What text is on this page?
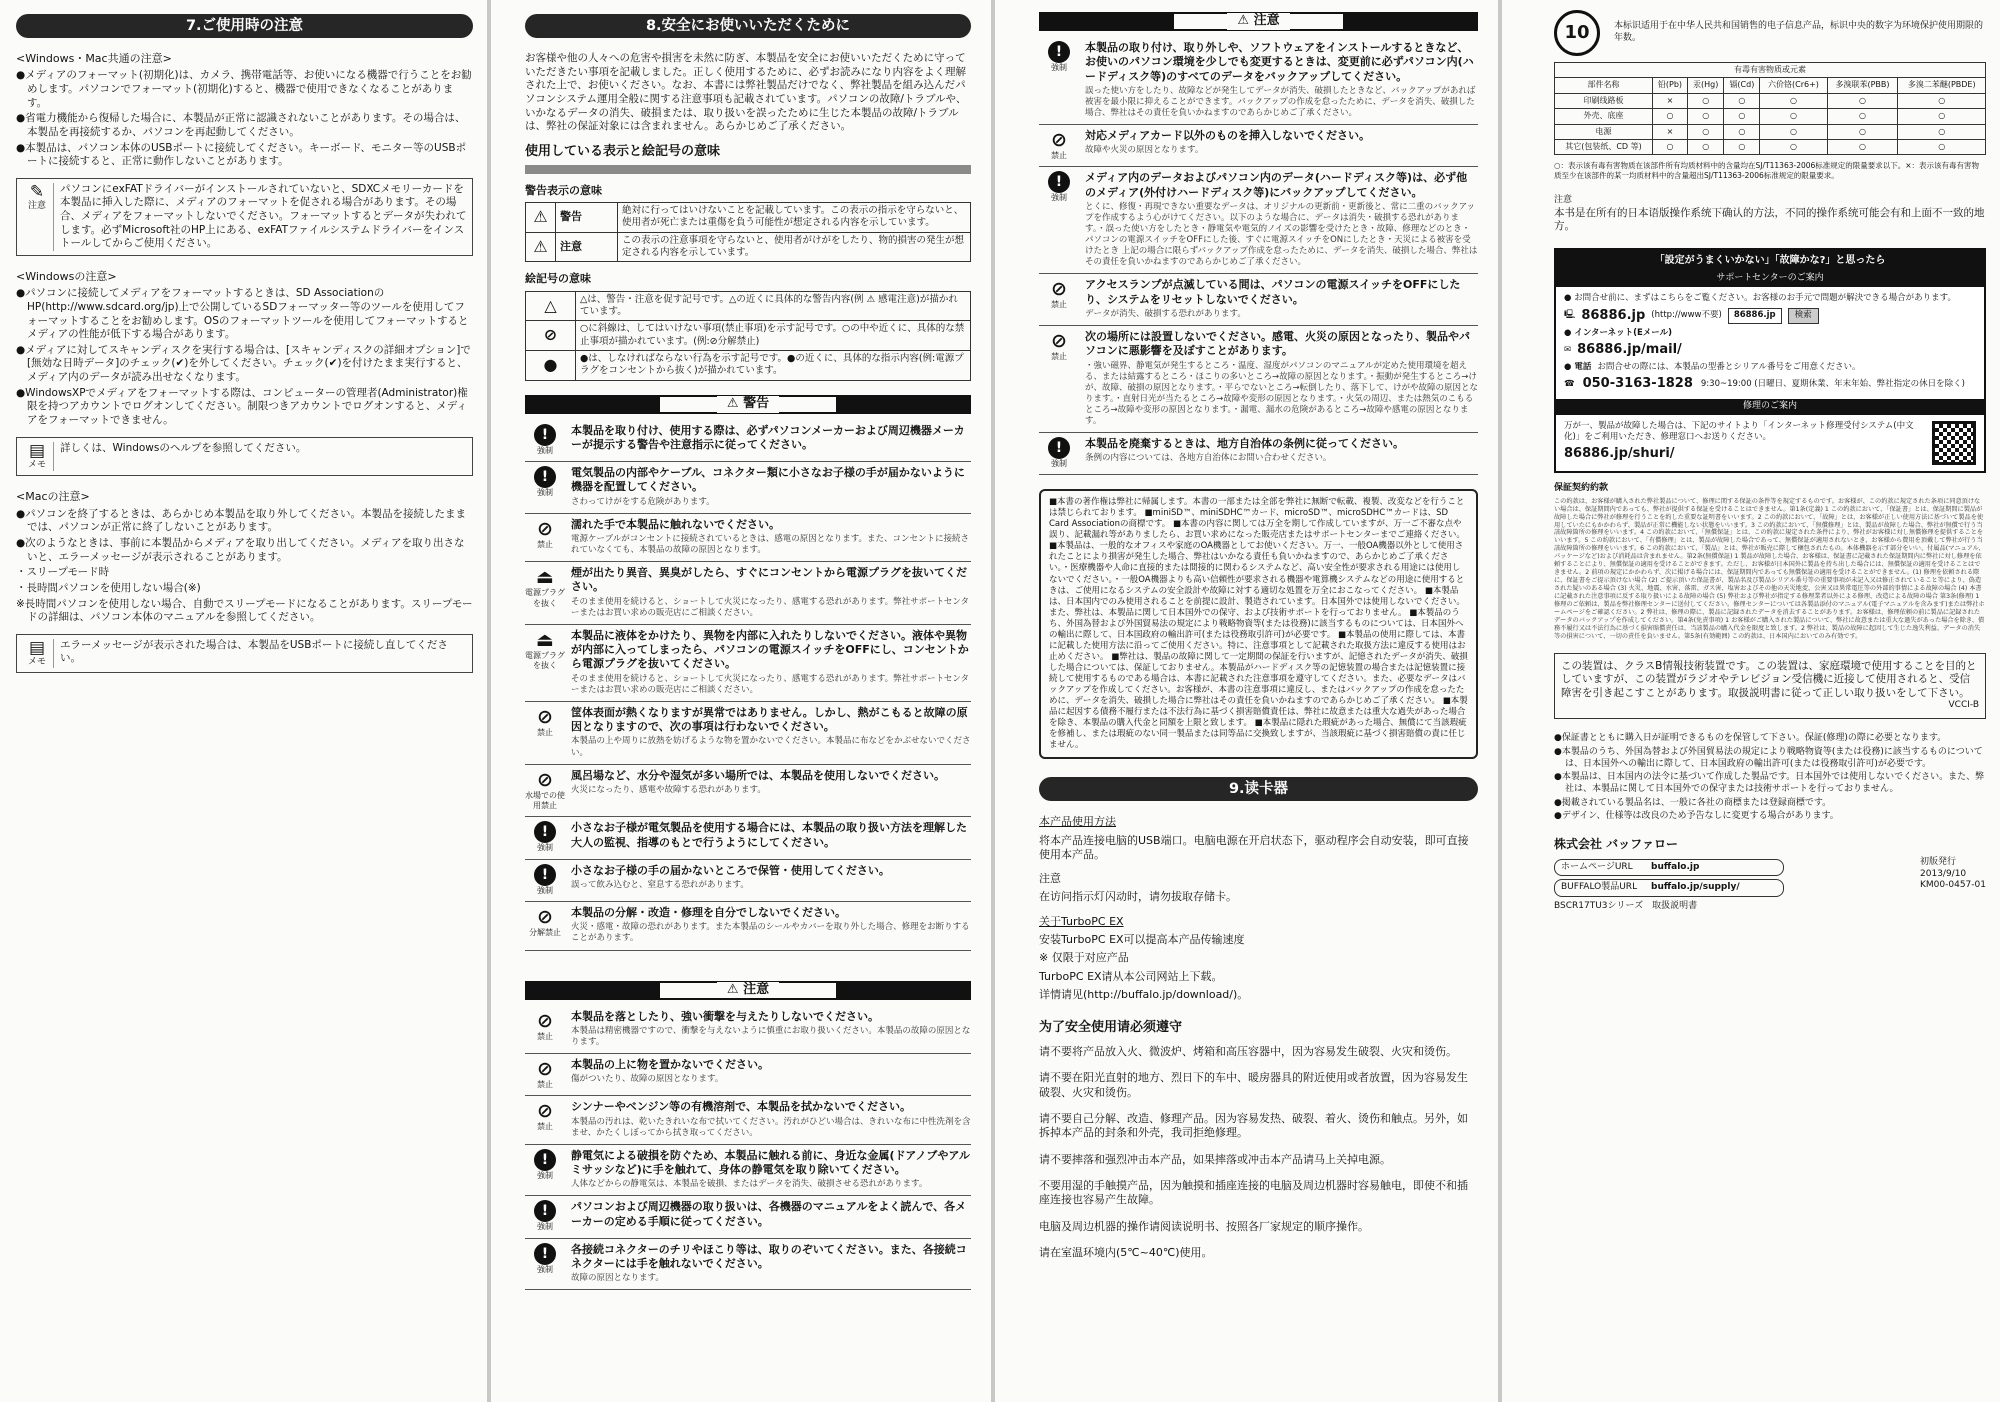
7.ご使用時の注意
<Windows・Mac共通の注意>

●メディアのフォーマット(初期化)は、カメラ、携帯電話等、お使いになる機器で行うことをお勧めします。パソコンでフォーマット(初期化)すると、機器で使用できなくなることがあります。

●省電力機能から復帰した場合に、本製品が正常に認識されないことがあります。その場合は、本製品を再接続するか、パソコンを再起動してください。

●本製品は、パソコン本体のUSBポートに接続してください。キーボード、モニター等のUSBポートに接続すると、正常に動作しないことがあります。

✎
注意
パソコンにexFATドライバーがインストールされていないと、SDXCメモリーカードを本製品に挿入した際に、メディアのフォーマットを促される場合があります。その場合、メディアをフォーマットしないでください。フォーマットするとデータが失われてします。必ずMicrosoft社のHP上にある、exFATファイルシステムドライバーをインストールしてからご使用ください。
<Windowsの注意>

●パソコンに接続してメディアをフォーマットするときは、SD AssociationのHP(http://www.sdcard.org/jp)上で公開しているSDフォーマッター等のツールを使用してフォーマットすることをお勧めします。OSのフォーマットツールを使用してフォーマットするとメディアの性能が低下する場合があります。

●メディアに対してスキャンディスクを実行する場合は、[スキャンディスクの詳細オプション]で[無効な日時データ]のチェック(✔)を外してください。チェック(✔)を付けたまま実行すると、メディア内のデータが読み出せなくなります。

●WindowsXPでメディアをフォーマットする際は、コンピューターの管理者(Administrator)権限を持つアカウントでログオンしてください。制限つきアカウントでログオンすると、メディアをフォーマットできません。

▤
メモ
詳しくは、Windowsのヘルプを参照してください。
<Macの注意>

●パソコンを終了するときは、あらかじめ本製品を取り外してください。本製品を接続したままでは、パソコンが正常に終了しないことがあります。

●次のようなときは、事前に本製品からメディアを取り出してください。メディアを取り出さないと、エラーメッセージが表示されることがあります。

・スリープモード時

・長時間パソコンを使用しない場合(※)

※長時間パソコンを使用しない場合、自動でスリープモードになることがあります。スリープモードの詳細は、パソコン本体のマニュアルを参照してください。

▤
メモ
エラーメッセージが表示された場合は、本製品をUSBポートに接続し直してください。
8.安全にお使いいただくために

お客様や他の人々への危害や損害を未然に防ぎ、本製品を安全にお使いいただくために守っていただきたい事項を記載しました。正しく使用するために、必ずお読みになり内容をよく理解された上で、お使いください。なお、本書には弊社製品だけでなく、弊社製品を組み込んだパソコンシステム運用全般に関する注意事項も記載されています。パソコンの故障/トラブルや、いかなるデータの消失、破損または、取り扱いを誤ったために生じた本製品の故障/トラブルは、弊社の保証対象には含まれません。あらかじめご了承ください。

使用している表示と絵記号の意味
警告表示の意味
⚠	警告	絶対に行ってはいけないことを記載しています。この表示の指示を守らないと、使用者が死亡または重傷を負う可能性が想定される内容を示しています。
⚠	注意	この表示の注意事項を守らないと、使用者がけがをしたり、物的損害の発生が想定される内容を示しています。
絵記号の意味
△	△は、警告・注意を促す記号です。△の近くに具体的な警告内容(例 ⚠ 感電注意)が描かれています。
⊘	○に斜線は、してはいけない事項(禁止事項)を示す記号です。○の中や近くに、具体的な禁止事項が描かれています。(例:⊘分解禁止)
●	●は、しなければならない行為を示す記号です。●の近くに、具体的な指示内容(例:電源プラグをコンセントから抜く)が描かれています。
⚠ 警告
!
強制
本製品を取り付け、使用する際は、必ずパソコンメーカーおよび周辺機器メーカーが提示する警告や注意指示に従ってください。
!
強制
電気製品の内部やケーブル、コネクター類に小さなお子様の手が届かないように機器を配置してください。
さわってけがをする危険があります。
⊘
禁止
濡れた手で本製品に触れないでください。
電源ケーブルがコンセントに接続されているときは、感電の原因となります。また、コンセントに接続されていなくても、本製品の故障の原因となります。
⏏
電源プラグを抜く
煙が出たり異音、異臭がしたら、すぐにコンセントから電源プラグを抜いてください。
そのまま使用を続けると、ショートして火災になったり、感電する恐れがあります。弊社サポートセンターまたはお買い求めの販売店にご相談ください。
⏏
電源プラグを抜く
本製品に液体をかけたり、異物を内部に入れたりしないでください。液体や異物が内部に入ってしまったら、パソコンの電源スイッチをOFFにし、コンセントから電源プラグを抜いてください。
そのまま使用を続けると、ショートして火災になったり、感電する恐れがあります。弊社サポートセンターまたはお買い求めの販売店にご相談ください。
⊘
禁止
筐体表面が熱くなりますが異常ではありません。しかし、熱がこもると故障の原因となりますので、次の事項は行わないでください。
本製品の上や周りに放熱を妨げるような物を置かないでください。本製品に布などをかぶせないでください。
⊘
水場での使用禁止
風呂場など、水分や湿気が多い場所では、本製品を使用しないでください。
火災になったり、感電や故障する恐れがあります。
!
強制
小さなお子様が電気製品を使用する場合には、本製品の取り扱い方法を理解した大人の監視、指導のもとで行うようにしてください。
!
強制
小さなお子様の手の届かないところで保管・使用してください。
誤って飲み込むと、窒息する恐れがあります。
⊘
分解禁止
本製品の分解・改造・修理を自分でしないでください。
火災・感電・故障の恐れがあります。また本製品のシールやカバーを取り外した場合、修理をお断りすることがあります。
⚠ 注意
⊘
禁止
本製品を落としたり、強い衝撃を与えたりしないでください。
本製品は精密機器ですので、衝撃を与えないように慎重にお取り扱いください。本製品の故障の原因となります。
⊘
禁止
本製品の上に物を置かないでください。
傷がついたり、故障の原因となります。
⊘
禁止
シンナーやベンジン等の有機溶剤で、本製品を拭かないでください。
本製品の汚れは、乾いたきれいな布で拭いてください。汚れがひどい場合は、きれいな布に中性洗剤を含ませ、かたくしぼってから拭き取ってください。
!
強制
静電気による破損を防ぐため、本製品に触れる前に、身近な金属(ドアノブやアルミサッシなど)に手を触れて、身体の静電気を取り除いてください。
人体などからの静電気は、本製品を破損、またはデータを消失、破損させる恐れがあります。
!
強制
パソコンおよび周辺機器の取り扱いは、各機器のマニュアルをよく読んで、各メーカーの定める手順に従ってください。
!
強制
各接続コネクターのチリやほこり等は、取りのぞいてください。また、各接続コネクターには手を触れないでください。
故障の原因となります。
⚠ 注意
!
強制
本製品の取り付け、取り外しや、ソフトウェアをインストールするときなど、お使いのパソコン環境を少しでも変更するときは、変更前に必ずパソコン内(ハードディスク等)のすべてのデータをバックアップしてください。
誤った使い方をしたり、故障などが発生してデータが消失、破損したときなど、バックアップがあれば被害を最小限に抑えることができます。バックアップの作成を怠ったために、データを消失、破損した場合、弊社はその責任を負いかねますのであらかじめご了承ください。
⊘
禁止
対応メディアカード以外のものを挿入しないでください。
故障や火災の原因となります。
!
強制
メディア内のデータおよびパソコン内のデータ(ハードディスク等)は、必ず他のメディア(外付けハードディスク等)にバックアップしてください。
とくに、修復・再現できない重要なデータは、オリジナルの更新前・更新後と、常に二重のバックアップを作成するよう心がけてください。以下のような場合に、データは消失・破損する恐れがあります。・誤った使い方をしたとき・静電気や電気的ノイズの影響を受けたとき・故障、修理などのとき・パソコンの電源スイッチをOFFにした後、すぐに電源スイッチをONにしたとき・天災による被害を受けたとき 上記の場合に限らずバックアップ作成を怠ったために、データを消失、破損した場合、弊社はその責任を負いかねますのであらかじめご了承ください。
⊘
禁止
アクセスランプが点滅している間は、パソコンの電源スイッチをOFFにしたり、システムをリセットしないでください。
データが消失、破損する恐れがあります。
⊘
禁止
次の場所には設置しないでください。感電、火災の原因となったり、製品やパソコンに悪影響を及ぼすことがあります。
・強い磁界、静電気が発生するところ・温度、湿度がパソコンのマニュアルが定めた使用環境を超える、または結露するところ・ほこりの多いところ→故障の原因となります。・振動が発生するところ→けが、故障、破損の原因となります。・平らでないところ→転倒したり、落下して、けがや故障の原因となります。・直射日光が当たるところ→故障や変形の原因となります。・火気の周辺、または熱気のこもるところ→故障や変形の原因となります。・漏電、漏水の危険があるところ→故障や感電の原因となります。
!
強制
本製品を廃棄するときは、地方自治体の条例に従ってください。
条例の内容については、各地方自治体にお問い合わせください。
■本書の著作権は弊社に帰属します。本書の一部または全部を弊社に無断で転載、複製、改変などを行うことは禁じられております。 ■miniSD™、miniSDHC™カード、microSD™、microSDHC™カードは、SD Card Associationの商標です。 ■本書の内容に関しては万全を期して作成していますが、万一ご不審な点や誤り、記載漏れ等がありましたら、お買い求めになった販売店またはサポートセンターまでご連絡ください。 ■本製品は、一般的なオフィスや家庭のOA機器としてお使いください。万一、一般OA機器以外として使用されたことにより損害が発生した場合、弊社はいかなる責任も負いかねますので、あらかじめご了承ください。・医療機器や人命に直接的または間接的に関わるシステムなど、高い安全性が要求される用途には使用しないでください。・一般OA機器よりも高い信頼性が要求される機器や電算機システムなどの用途に使用するときは、ご使用になるシステムの安全設計や故障に対する適切な処置を万全におこなってください。 ■本製品は、日本国内でのみ使用されることを前提に設計、製造されています。日本国外では使用しないでください。また、弊社は、本製品に関して日本国外での保守、および技術サポートを行っておりません。 ■本製品のうち、外国為替および外国貿易法の規定により戦略物資等(または役務)に該当するものについては、日本国外への輸出に際して、日本国政府の輸出許可(または役務取引許可)が必要です。 ■本製品の使用に際しては、本書に記載した使用方法に沿ってご使用ください。特に、注意事項として記載された取扱方法に違反する使用はお止めください。 ■弊社は、製品の故障に関して一定期間の保証を行いますが、記憶されたデータが消失、破損した場合については、保証しておりません。本製品がハードディスク等の記憶装置の場合または記憶装置に接続して使用するものである場合は、本書に記載された注意事項を遵守してください。また、必要なデータはバックアップを作成してください。お客様が、本書の注意事項に違反し、またはバックアップの作成を怠ったために、データを消失、破損した場合に弊社はその責任を負いかねますのであらかじめご了承ください。 ■本製品に起因する債務不履行または不法行為に基づく損害賠償責任は、弊社に故意または重大な過失があった場合を除き、本製品の購入代金と同額を上限と致します。 ■本製品に隠れた瑕疵があった場合、無償にて当該瑕疵を修補し、または瑕疵のない同一製品または同等品に交換致しますが、当該瑕疵に基づく損害賠償の責に任じません。
9.读卡器
本产品使用方法

将本产品连接电脑的USB端口。电脑电源在开启状态下，驱动程序会自动安装，即可直接使用本产品。

注意

在访问指示灯闪动时，请勿拔取存储卡。

关于TurboPC EX

安装TurboPC EX可以提高本产品传输速度

※ 仅限于对应产品

TurboPC EX请从本公司网站上下载。

详情请见(http://buffalo.jp/download/)。

为了安全使用请必须遵守

请不要将产品放入火、微波炉、烤箱和高压容器中，因为容易发生破裂、火灾和烫伤。

请不要在阳光直射的地方、烈日下的车中、暖房器具的附近使用或者放置，因为容易发生破裂、火灾和烫伤。

请不要自己分解、改造、修理产品。因为容易发热、破裂、着火、烫伤和触点。另外，如拆掉本产品的封条和外壳，我司拒绝修理。

请不要摔落和强烈冲击本产品，如果摔落或冲击本产品请马上关掉电源。

不要用湿的手触摸产品，因为触摸和插座连接的电脑及周边机器时容易触电，即使不和插座连接也容易产生故障。

电脑及周边机器的操作请阅读说明书、按照各厂家规定的顺序操作。

请在室温环境内(5℃~40℃)使用。

10	本标识适用于在中华人民共和国销售的电子信息产品，标识中央的数字为环境保护使用期限的年数。
有毒有害物质或元素						
部件名称	铅(Pb)	汞(Hg)	镉(Cd)	六价铬(Cr6+)	多溴联苯(PBB)	多溴二苯醚(PBDE)
印刷线路板	×	○	○	○	○	○
外壳、底座	○	○	○	○	○	○
电源	×	○	○	○	○	○
其它(包装纸、CD 等)	○	○	○	○	○	○
○：表示该有毒有害物质在该部件所有均质材料中的含量均在SJ/T11363-2006标准规定的限量要求以下。×：表示该有毒有害物质至少在该部件的某一均质材料中的含量超出SJ/T11363-2006标准规定的限量要求。
注意
本书是在所有的日本语版操作系统下确认的方法，不同的操作系统可能会有和上面不一致的地方。
「設定がうまくいかない」「故障かな?」と思ったら
サポートセンターのご案内
● お問合せ前に、まずはこちらをご覧ください。お客様のお手元で問題が解決できる場合があります。
🖳 86886.jp (http://www不要)	86886.jp	検索
● インターネット(Eメール)
✉ 86886.jp/mail/
● 電話 お問合せの際には、本製品の型番とシリアル番号をご用意ください。
☎ 050-3163-1828 9:30~19:00 (日曜日、夏期休業、年末年始、弊社指定の休日を除く)
修理のご案内
万が一、製品が故障した場合は、下記のサイトより「インターネット修理受付システム(中文化)」をご利用いただき、修理窓口へお送りください。
86886.jp/shuri/
保証契約約款
この約款は、お客様が購入された弊社製品について、修理に関する保証の条件等を規定するものです。お客様が、この約款に規定された条項に同意頂けない場合は、保証期間内であっても、弊社が提供する保証を受けることはできません。第1条(定義) 1 この約款において、「保証書」とは、保証期間に製品が故障した場合に弊社が修理を行うことを約した重要な証明書をいいます。2 この約款において、「故障」とは、お客様が正しい使用方法に基づいて製品を使用していたにもかかわらず、製品が正常に機能しない状態をいいます。3 この約款において、「無償修理」とは、製品が故障した場合、弊社が無償で行う当該故障箇所の修理をいいます。4 この約款において、「無償保証」とは、この約款に規定された条件により、弊社がお客様に対し無償修理を提供することをいいます。5 この約款において、「有償修理」とは、製品が故障した場合であって、無償保証が適用されないとき、お客様から費用を頂戴して弊社が行う当該故障箇所の修理をいいます。6 この約款において、「製品」とは、弊社が販売に際して梱包されたもの。本体機器を示す部分をいい、付属品(マニュアル、パッケージなど)および消耗品は含まれません。第2条(無償保証) 1 製品が故障した場合、お客様は、保証書に記載された保証期間内に弊社に対し修理を依頼することにより、無償保証の適用を受けることができます。ただし、お客様が日本国外に製品を持ち出した場合には、無償保証の適用を受けることはできません。2 前項の規定にかかわらず、次に掲げる場合には、保証期間内であっても無償保証の適用を受けることができません。(1) 修理を依頼される際に、保証書をご提示頂けない場合 (2) ご提示頂いた保証書が、製品名及び製品シリアル番号等の重要事項が未記入又は修正されていること等により、偽造された疑いのある場合 (3) 火災、地震、水害、落雷、ガス害、塩害およびその他の天災地変、公害又は異常電圧等の外部的事情による故障の場合 (4) 本書に記載された注意事項に反する取り扱いによる故障の場合 (5) 弊社および弊社が指定する修理業者以外による修理、改造による故障の場合 第3条(修理) 1 修理のご依頼は、製品を弊社修理センターに送付してください。修理センターについては各製品添付のマニュアル(電子マニュアルを含みます)または弊社ホームページをご確認ください。2 弊社は、修理の際に、製品に記録されたデータを消去することがあります。お客様は、修理依頼の前に製品に記録されたデータのバックアップを作成してください。第4条(免責事項) 1 お客様がご購入された製品について、弊社に故意または重大な過失があった場合を除き、債務不履行又は不法行為に基づく損害賠償責任は、当該製品の購入代金を限度と致します。2 弊社は、製品の故障に起因して生じた逸失利益、データの消失等の損害について、一切の責任を負いません。第5条(有効範囲) この約款は、日本国内においてのみ有効です。
この装置は、クラスB情報技術装置です。この装置は、家庭環境で使用することを目的としていますが、この装置がラジオやテレビジョン受信機に近接して使用されると、受信障害を引き起こすことがあります。取扱説明書に従って正しい取り扱いをして下さい。
VCCI-B

●保証書とともに購入日が証明できるものを保管して下さい。保証(修理)の際に必要となります。

●本製品のうち、外国為替および外国貿易法の規定により戦略物資等(または役務)に該当するものについては、日本国外への輸出に際して、日本国政府の輸出許可(または役務取引許可)が必要です。

●本製品は、日本国内の法令に基づいて作成した製品です。日本国外では使用しないでください。また、弊社は、本製品に関して日本国外での保守または技術サポートを行っておりません。

●掲載されている製品名は、一般に各社の商標または登録商標です。

●デザイン、仕様等は改良のため予告なしに変更する場合があります。

株式会社 バッファロー
ホームページURL	buffalo.jp
BUFFALO製品URL	buffalo.jp/supply/
BSCR17TU3シリーズ　取扱説明書
初版発行
2013/9/10
KM00-0457-01
